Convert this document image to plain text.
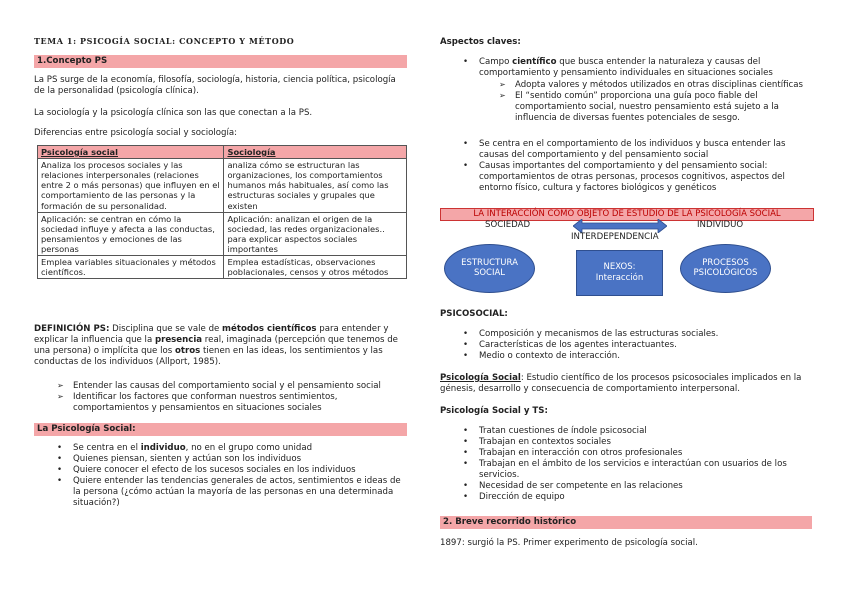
TEMA 1: PSICOGÍA SOCIAL: CONCEPTO Y MÉTODO
1.Concepto PS
La PS surge de la economía, filosofía, sociología, historia, ciencia política, psicología de la personalidad (psicología clínica).
La sociología y la psicología clínica son las que conectan a la PS.
Diferencias entre psicología social y sociología:
Psicología social	Sociología
Analiza los procesos sociales y las relaciones interpersonales (relaciones entre 2 o más personas) que influyen en el comportamiento de las personas y la formación de su personalidad.	analiza cómo se estructuran las organizaciones, los comportamientos humanos más habituales, así como las estructuras sociales y grupales que existen
Aplicación: se centran en cómo la sociedad influye y afecta a las conductas, pensamientos y emociones de las personas	Aplicación: analizan el origen de la sociedad, las redes organizacionales.. para explicar aspectos sociales importantes
Emplea variables situacionales y métodos científicos.	Emplea estadísticas, observaciones poblacionales, censos y otros métodos
DEFINICIÓN PS: Disciplina que se vale de métodos científicos para entender y explicar la influencia que la presencia real, imaginada (percepción que tenemos de una persona) o implícita que los otros tienen en las ideas, los sentimientos y las conductas de los individuos (Allport, 1985).
➢ Entender las causas del comportamiento social y el pensamiento social
➢ Identificar los factores que conforman nuestros sentimientos, comportamientos y pensamientos en situaciones sociales
La Psicología Social:
• Se centra en el individuo, no en el grupo como unidad
• Quienes piensan, sienten y actúan son los individuos
• Quiere conocer el efecto de los sucesos sociales en los individuos
• Quiere entender las tendencias generales de actos, sentimientos e ideas de la persona (¿cómo actúan la mayoría de las personas en una determinada situación?)
Aspectos claves:
• Campo científico que busca entender la naturaleza y causas del comportamiento y pensamiento individuales en situaciones sociales
➢ Adopta valores y métodos utilizados en otras disciplinas científicas
➢ El “sentido común” proporciona una guía poco fiable del comportamiento social, nuestro pensamiento está sujeto a la influencia de diversas fuentes potenciales de sesgo.
• Se centra en el comportamiento de los individuos y busca entender las causas del comportamiento y del pensamiento social
• Causas importantes del comportamiento y del pensamiento social: comportamientos de otras personas, procesos cognitivos, aspectos del entorno físico, cultura y factores biológicos y genéticos
LA INTERACCIÓN COMO OBJETO DE ESTUDIO DE LA PSICOLOGÍA SOCIAL
SOCIEDAD	INDIVIDUO
INTERDEPENDENCIA
ESTRUCTURA SOCIAL
NEXOS:
Interacción
PROCESOS PSICOLÓGICOS
PSICOSOCIAL:
• Composición y mecanismos de las estructuras sociales.
• Características de los agentes interactuantes.
• Medio o contexto de interacción.
Psicología Social: Estudio científico de los procesos psicosociales implicados en la génesis, desarrollo y consecuencia de comportamiento interpersonal.
Psicología Social y TS:
• Tratan cuestiones de índole psicosocial
• Trabajan en contextos sociales
• Trabajan en interacción con otros profesionales
• Trabajan en el ámbito de los servicios e interactúan con usuarios de los servicios.
• Necesidad de ser competente en las relaciones
• Dirección de equipo
2. Breve recorrido histórico
1897: surgió la PS. Primer experimento de psicología social.
